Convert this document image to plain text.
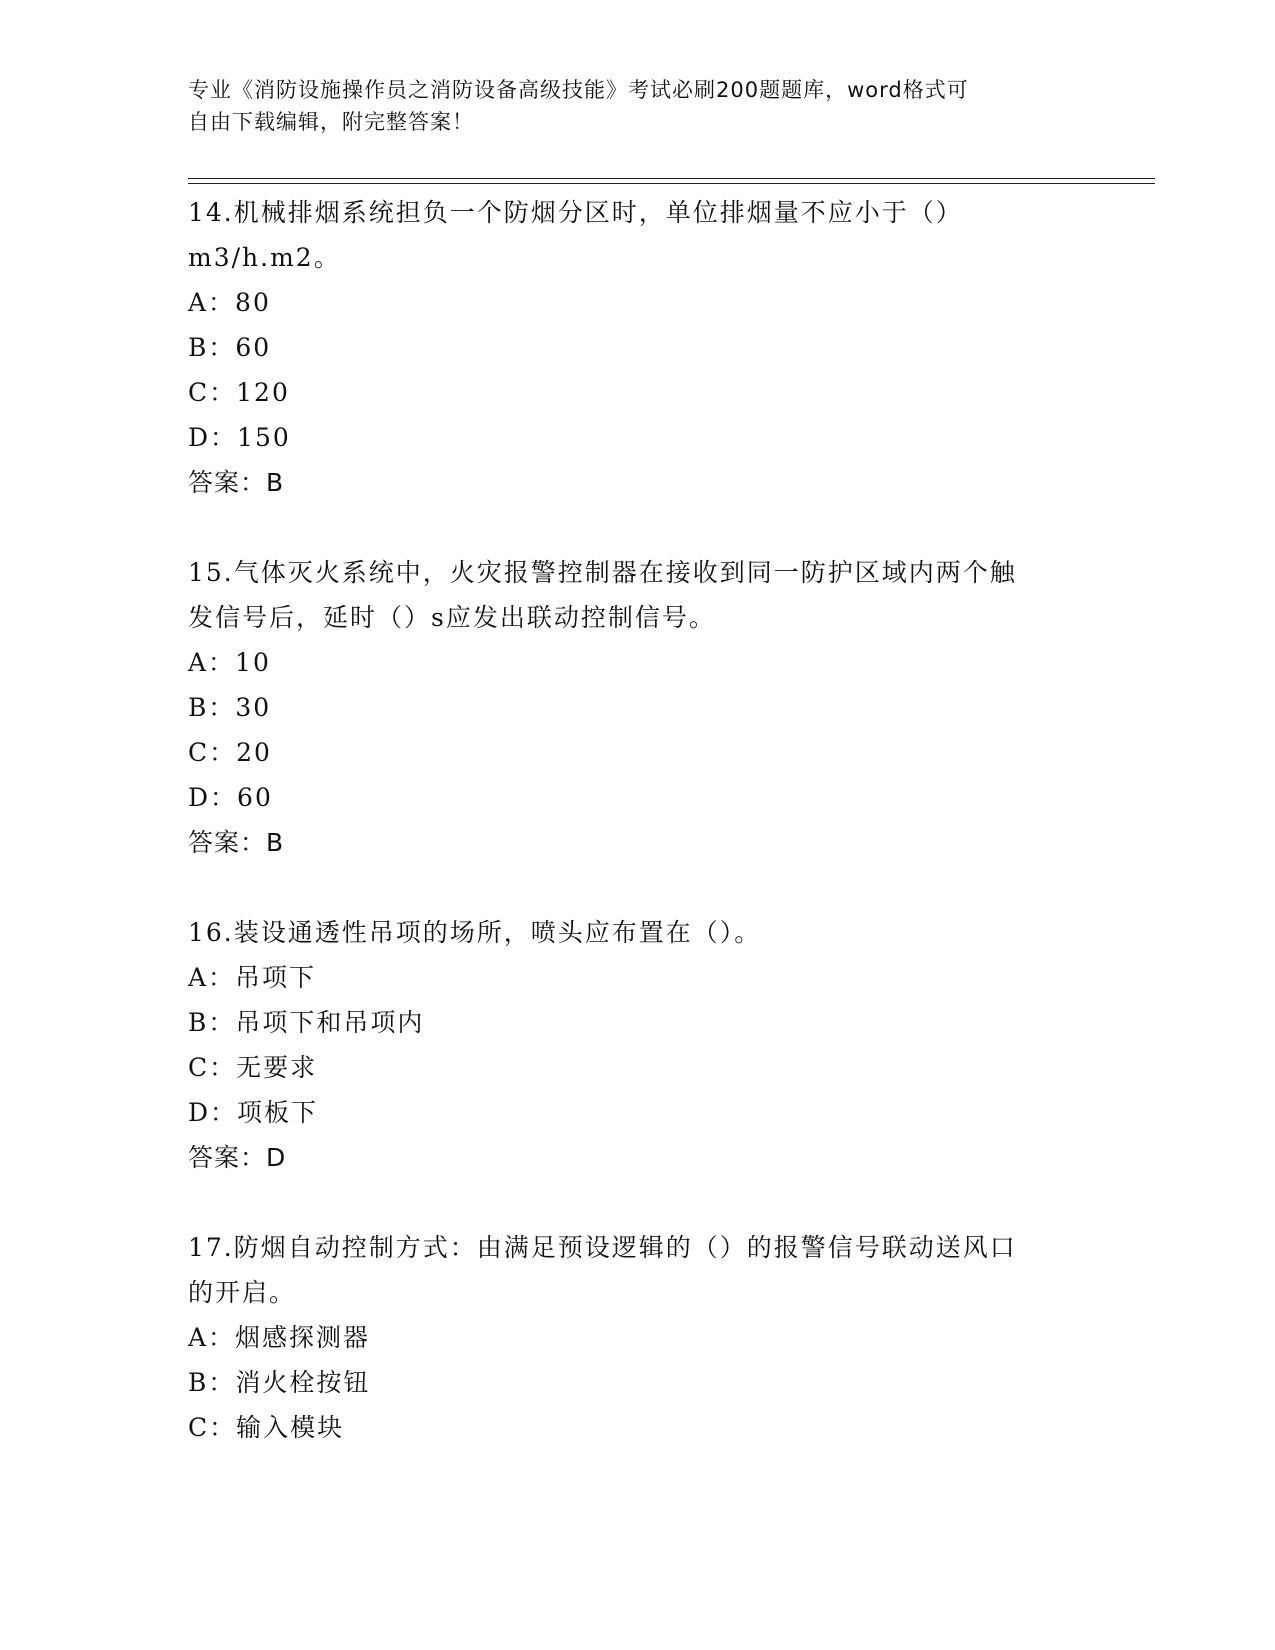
专业《消防设施操作员之消防设备高级技能》考试必刷200题题库，word格式可
自由下载编辑，附完整答案！
14.机械排烟系统担负一个防烟分区时，单位排烟量不应小于（）
m3/h.m2。
A：80
B：60
C：120
D：150
答案：B
15.气体灭火系统中，火灾报警控制器在接收到同一防护区域内两个触
发信号后，延时（）s应发出联动控制信号。
A：10
B：30
C：20
D：60
答案：B
16.装设通透性吊项的场所，喷头应布置在（）。
A：吊项下
B：吊项下和吊项内
C：无要求
D：项板下
答案：D
17.防烟自动控制方式：由满足预设逻辑的（）的报警信号联动送风口
的开启。
A：烟感探测器
B：消火栓按钮
C：输入模块
